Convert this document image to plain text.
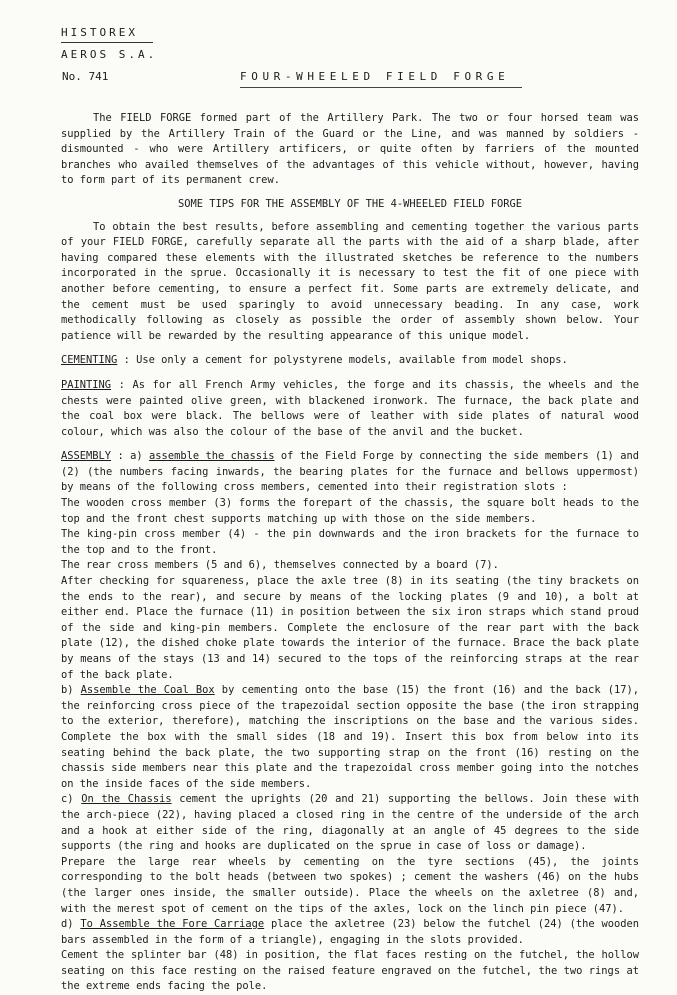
HISTOREX
AEROS S.A.
No. 741	FOUR-WHEELED FIELD FORGE

The FIELD FORGE formed part of the Artillery Park. The two or four horsed team was supplied by the Artillery Train of the Guard or the Line, and was manned by soldiers - dismounted - who were Artillery artificers, or quite often by farriers of the mounted branches who availed themselves of the advantages of this vehicle without, however, having to form part of its permanent crew.

SOME TIPS FOR THE ASSEMBLY OF THE 4-WHEELED FIELD FORGE

To obtain the best results, before assembling and cementing together the various parts of your FIELD FORGE, carefully separate all the parts with the aid of a sharp blade, after having compared these elements with the illustrated sketches be reference to the numbers incorporated in the sprue. Occasionally it is necessary to test the fit of one piece with another before cementing, to ensure a perfect fit. Some parts are extremely delicate, and the cement must be used sparingly to avoid unnecessary beading. In any case, work methodically following as closely as possible the order of assembly shown below. Your patience will be rewarded by the resulting appearance of this unique model.

CEMENTING : Use only a cement for polystyrene models, available from model shops.

PAINTING : As for all French Army vehicles, the forge and its chassis, the wheels and the chests were painted olive green, with blackened ironwork. The furnace, the back plate and the coal box were black. The bellows were of leather with side plates of natural wood colour, which was also the colour of the base of the anvil and the bucket.

ASSEMBLY : a) assemble the chassis of the Field Forge by connecting the side members (1) and (2) (the numbers facing inwards, the bearing plates for the furnace and bellows uppermost) by means of the following cross members, cemented into their registration slots :

The wooden cross member (3) forms the forepart of the chassis, the square bolt heads to the top and the front chest supports matching up with those on the side members.

The king-pin cross member (4) - the pin downwards and the iron brackets for the furnace to the top and to the front.

The rear cross members (5 and 6), themselves connected by a board (7).

After checking for squareness, place the axle tree (8) in its seating (the tiny brackets on the ends to the rear), and secure by means of the locking plates (9 and 10), a bolt at either end. Place the furnace (11) in position between the six iron straps which stand proud of the side and king-pin members. Complete the enclosure of the rear part with the back plate (12), the dished choke plate towards the interior of the furnace. Brace the back plate by means of the stays (13 and 14) secured to the tops of the reinforcing straps at the rear of the back plate.

b) Assemble the Coal Box by cementing onto the base (15) the front (16) and the back (17), the reinforcing cross piece of the trapezoidal section opposite the base (the iron strapping to the exterior, therefore), matching the inscriptions on the base and the various sides. Complete the box with the small sides (18 and 19). Insert this box from below into its seating behind the back plate, the two supporting strap on the front (16) resting on the chassis side members near this plate and the trapezoidal cross member going into the notches on the inside faces of the side members.

c) On the Chassis cement the uprights (20 and 21) supporting the bellows. Join these with the arch-piece (22), having placed a closed ring in the centre of the underside of the arch and a hook at either side of the ring, diagonally at an angle of 45 degrees to the side supports (the ring and hooks are duplicated on the sprue in case of loss or damage).

Prepare the large rear wheels by cementing on the tyre sections (45), the joints corresponding to the bolt heads (between two spokes) ; cement the washers (46) on the hubs (the larger ones inside, the smaller outside). Place the wheels on the axletree (8) and, with the merest spot of cement on the tips of the axles, lock on the linch pin piece (47).

d) To Assemble the Fore Carriage place the axletree (23) below the futchel (24) (the wooden bars assembled in the form of a triangle), engaging in the slots provided.

Cement the splinter bar (48) in position, the flat faces resting on the futchel, the hollow seating on this face resting on the raised feature engraved on the futchel, the two rings at the extreme ends facing the pole.
